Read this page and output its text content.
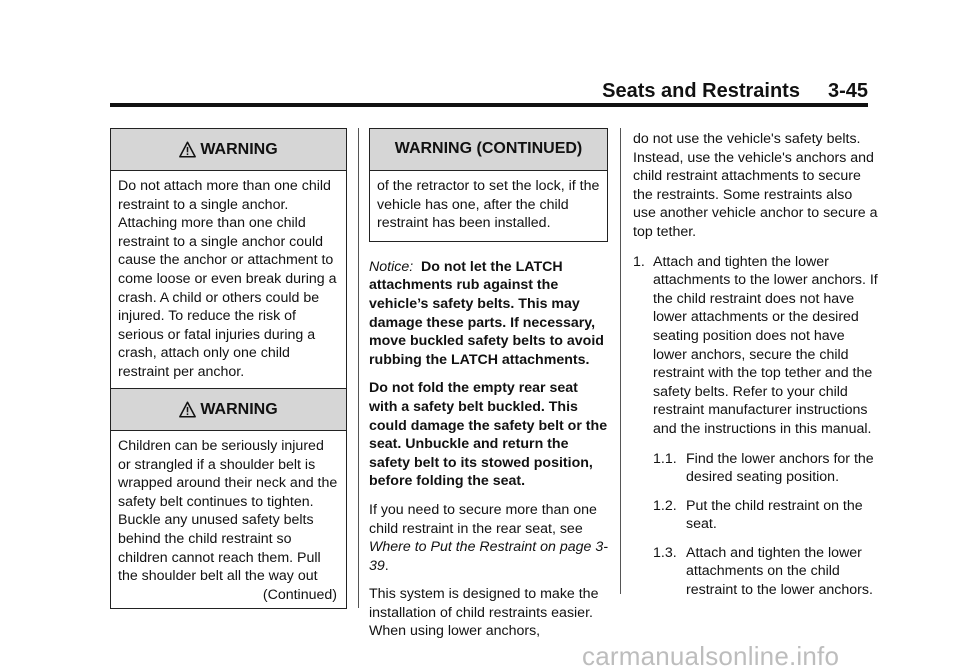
Seats and Restraints 3-45
WARNING
Do not attach more than one child restraint to a single anchor. Attaching more than one child restraint to a single anchor could cause the anchor or attachment to come loose or even break during a crash. A child or others could be injured. To reduce the risk of serious or fatal injuries during a crash, attach only one child restraint per anchor.
WARNING
Children can be seriously injured or strangled if a shoulder belt is wrapped around their neck and the safety belt continues to tighten. Buckle any unused safety belts behind the child restraint so children cannot reach them. Pull the shoulder belt all the way out
(Continued)
WARNING (CONTINUED)
of the retractor to set the lock, if the vehicle has one, after the child restraint has been installed.

Notice: Do not let the LATCH attachments rub against the vehicle’s safety belts. This may damage these parts. If necessary, move buckled safety belts to avoid rubbing the LATCH attachments.

Do not fold the empty rear seat with a safety belt buckled. This could damage the safety belt or the seat. Unbuckle and return the safety belt to its stowed position, before folding the seat.

If you need to secure more than one child restraint in the rear seat, see Where to Put the Restraint on page 3-39.

This system is designed to make the installation of child restraints easier. When using lower anchors,

do not use the vehicle's safety belts. Instead, use the vehicle's anchors and child restraint attachments to secure the restraints. Some restraints also use another vehicle anchor to secure a top tether.

1. Attach and tighten the lower attachments to the lower anchors. If the child restraint does not have lower attachments or the desired seating position does not have lower anchors, secure the child restraint with the top tether and the safety belts. Refer to your child restraint manufacturer instructions and the instructions in this manual.
1.1. Find the lower anchors for the desired seating position.
1.2. Put the child restraint on the seat.
1.3. Attach and tighten the lower attachments on the child restraint to the lower anchors.
carmanualsonline.info
